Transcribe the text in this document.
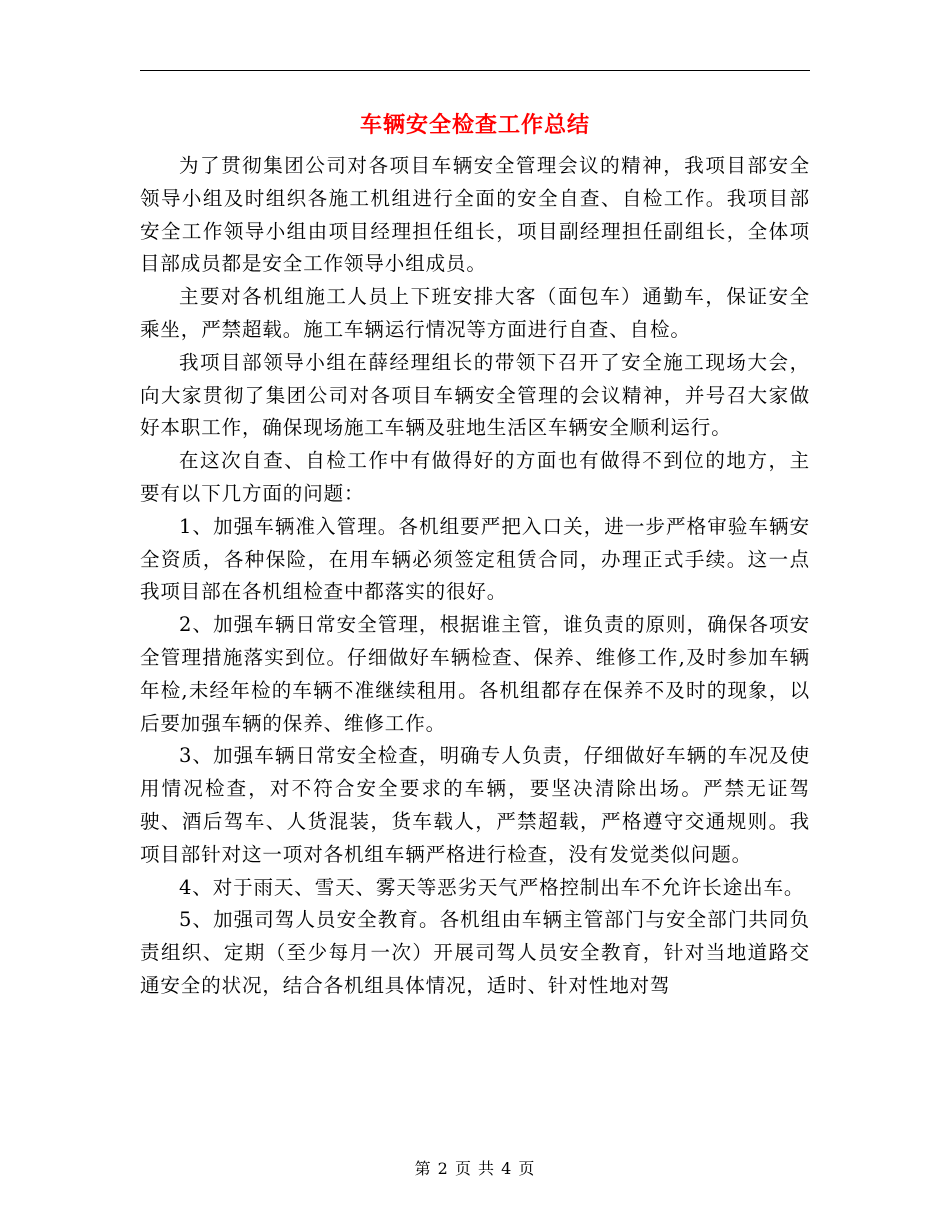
车辆安全检查工作总结

为了贯彻集团公司对各项目车辆安全管理会议的精神，我项目部安全领导小组及时组织各施工机组进行全面的安全自查、自检工作。我项目部安全工作领导小组由项目经理担任组长，项目副经理担任副组长，全体项目部成员都是安全工作领导小组成员。

主要对各机组施工人员上下班安排大客（面包车）通勤车，保证安全乘坐，严禁超载。施工车辆运行情况等方面进行自查、自检。

我项目部领导小组在薛经理组长的带领下召开了安全施工现场大会，向大家贯彻了集团公司对各项目车辆安全管理的会议精神，并号召大家做好本职工作，确保现场施工车辆及驻地生活区车辆安全顺利运行。

在这次自查、自检工作中有做得好的方面也有做得不到位的地方，主要有以下几方面的问题：

1、加强车辆准入管理。各机组要严把入口关，进一步严格审验车辆安全资质，各种保险，在用车辆必须签定租赁合同，办理正式手续。这一点我项目部在各机组检查中都落实的很好。

2、加强车辆日常安全管理，根据谁主管，谁负责的原则，确保各项安全管理措施落实到位。仔细做好车辆检查、保养、维修工作,及时参加车辆年检,未经年检的车辆不准继续租用。各机组都存在保养不及时的现象，以后要加强车辆的保养、维修工作。

3、加强车辆日常安全检查，明确专人负责，仔细做好车辆的车况及使用情况检查，对不符合安全要求的车辆，要坚决清除出场。严禁无证驾驶、酒后驾车、人货混装，货车载人，严禁超载，严格遵守交通规则。我项目部针对这一项对各机组车辆严格进行检查，没有发觉类似问题。

4、对于雨天、雪天、雾天等恶劣天气严格控制出车不允许长途出车。

5、加强司驾人员安全教育。各机组由车辆主管部门与安全部门共同负责组织、定期（至少每月一次）开展司驾人员安全教育，针对当地道路交通安全的状况，结合各机组具体情况，适时、针对性地对驾

第 2 页 共 4 页
